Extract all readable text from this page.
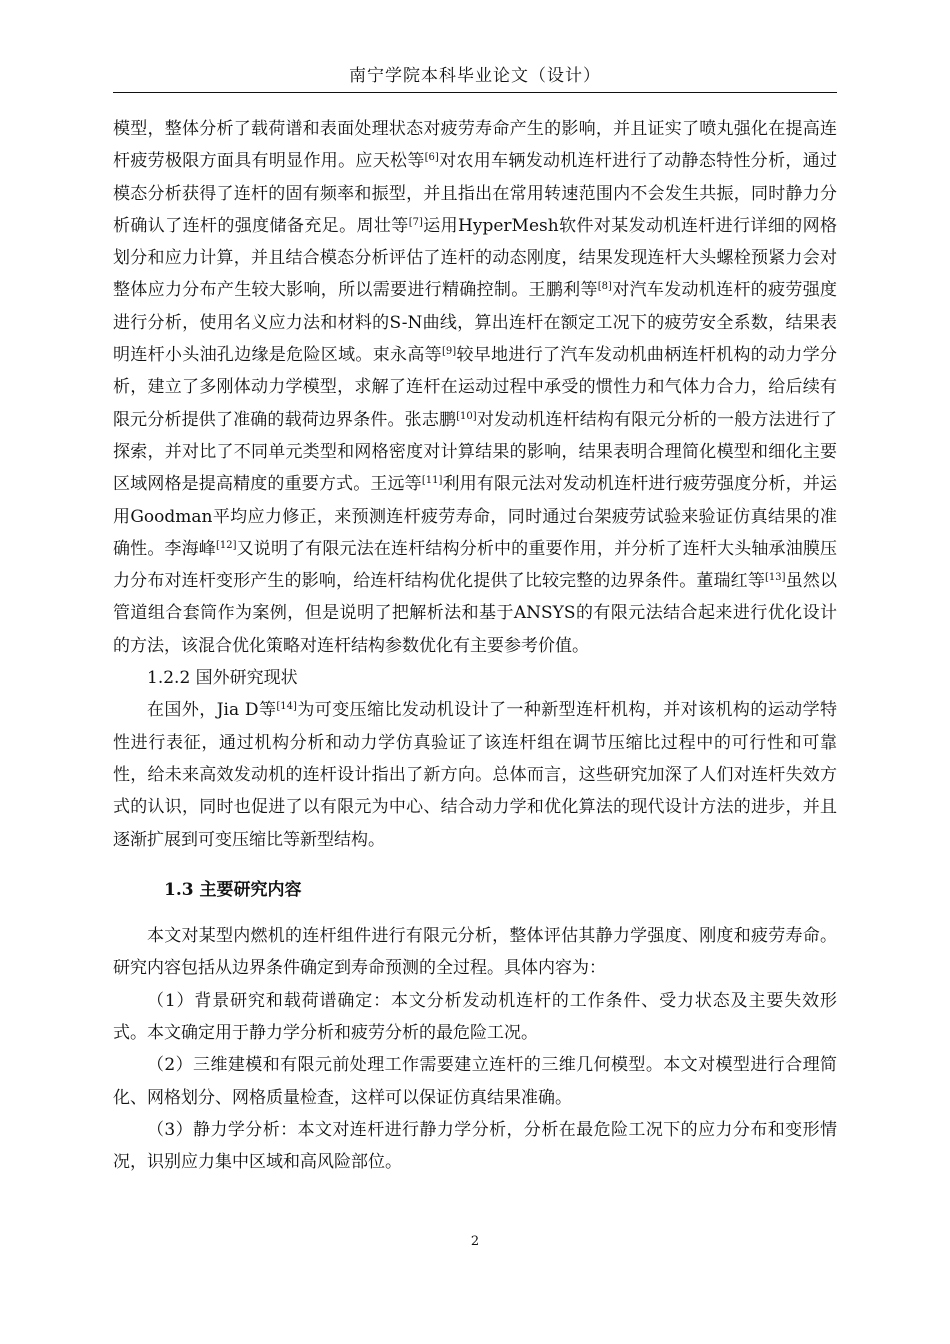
南宁学院本科毕业论文（设计）

模型，整体分析了载荷谱和表面处理状态对疲劳寿命产生的影响，并且证实了喷丸强化在提高连杆疲劳极限方面具有明显作用。应天松等[6]对农用车辆发动机连杆进行了动静态特性分析，通过模态分析获得了连杆的固有频率和振型，并且指出在常用转速范围内不会发生共振，同时静力分析确认了连杆的强度储备充足。周壮等[7]运用HyperMesh软件对某发动机连杆进行详细的网格划分和应力计算，并且结合模态分析评估了连杆的动态刚度，结果发现连杆大头螺栓预紧力会对整体应力分布产生较大影响，所以需要进行精确控制。王鹏利等[8]对汽车发动机连杆的疲劳强度进行分析，使用名义应力法和材料的S-N曲线，算出连杆在额定工况下的疲劳安全系数，结果表明连杆小头油孔边缘是危险区域。束永高等[9]较早地进行了汽车发动机曲柄连杆机构的动力学分析，建立了多刚体动力学模型，求解了连杆在运动过程中承受的惯性力和气体力合力，给后续有限元分析提供了准确的载荷边界条件。张志鹏[10]对发动机连杆结构有限元分析的一般方法进行了探索，并对比了不同单元类型和网格密度对计算结果的影响，结果表明合理简化模型和细化主要区域网格是提高精度的重要方式。王远等[11]利用有限元法对发动机连杆进行疲劳强度分析，并运用Goodman平均应力修正，来预测连杆疲劳寿命，同时通过台架疲劳试验来验证仿真结果的准确性。李海峰[12]又说明了有限元法在连杆结构分析中的重要作用，并分析了连杆大头轴承油膜压力分布对连杆变形产生的影响，给连杆结构优化提供了比较完整的边界条件。董瑞红等[13]虽然以管道组合套筒作为案例，但是说明了把解析法和基于ANSYS的有限元法结合起来进行优化设计的方法，该混合优化策略对连杆结构参数优化有主要参考价值。

1.2.2 国外研究现状

在国外，Jia D等[14]为可变压缩比发动机设计了一种新型连杆机构，并对该机构的运动学特性进行表征，通过机构分析和动力学仿真验证了该连杆组在调节压缩比过程中的可行性和可靠性，给未来高效发动机的连杆设计指出了新方向。总体而言，这些研究加深了人们对连杆失效方式的认识，同时也促进了以有限元为中心、结合动力学和优化算法的现代设计方法的进步，并且逐渐扩展到可变压缩比等新型结构。

1.3 主要研究内容

本文对某型内燃机的连杆组件进行有限元分析，整体评估其静力学强度、刚度和疲劳寿命。研究内容包括从边界条件确定到寿命预测的全过程。具体内容为：

（1）背景研究和载荷谱确定：本文分析发动机连杆的工作条件、受力状态及主要失效形式。本文确定用于静力学分析和疲劳分析的最危险工况。

（2）三维建模和有限元前处理工作需要建立连杆的三维几何模型。本文对模型进行合理简化、网格划分、网格质量检查，这样可以保证仿真结果准确。

（3）静力学分析：本文对连杆进行静力学分析，分析在最危险工况下的应力分布和变形情况，识别应力集中区域和高风险部位。

2
